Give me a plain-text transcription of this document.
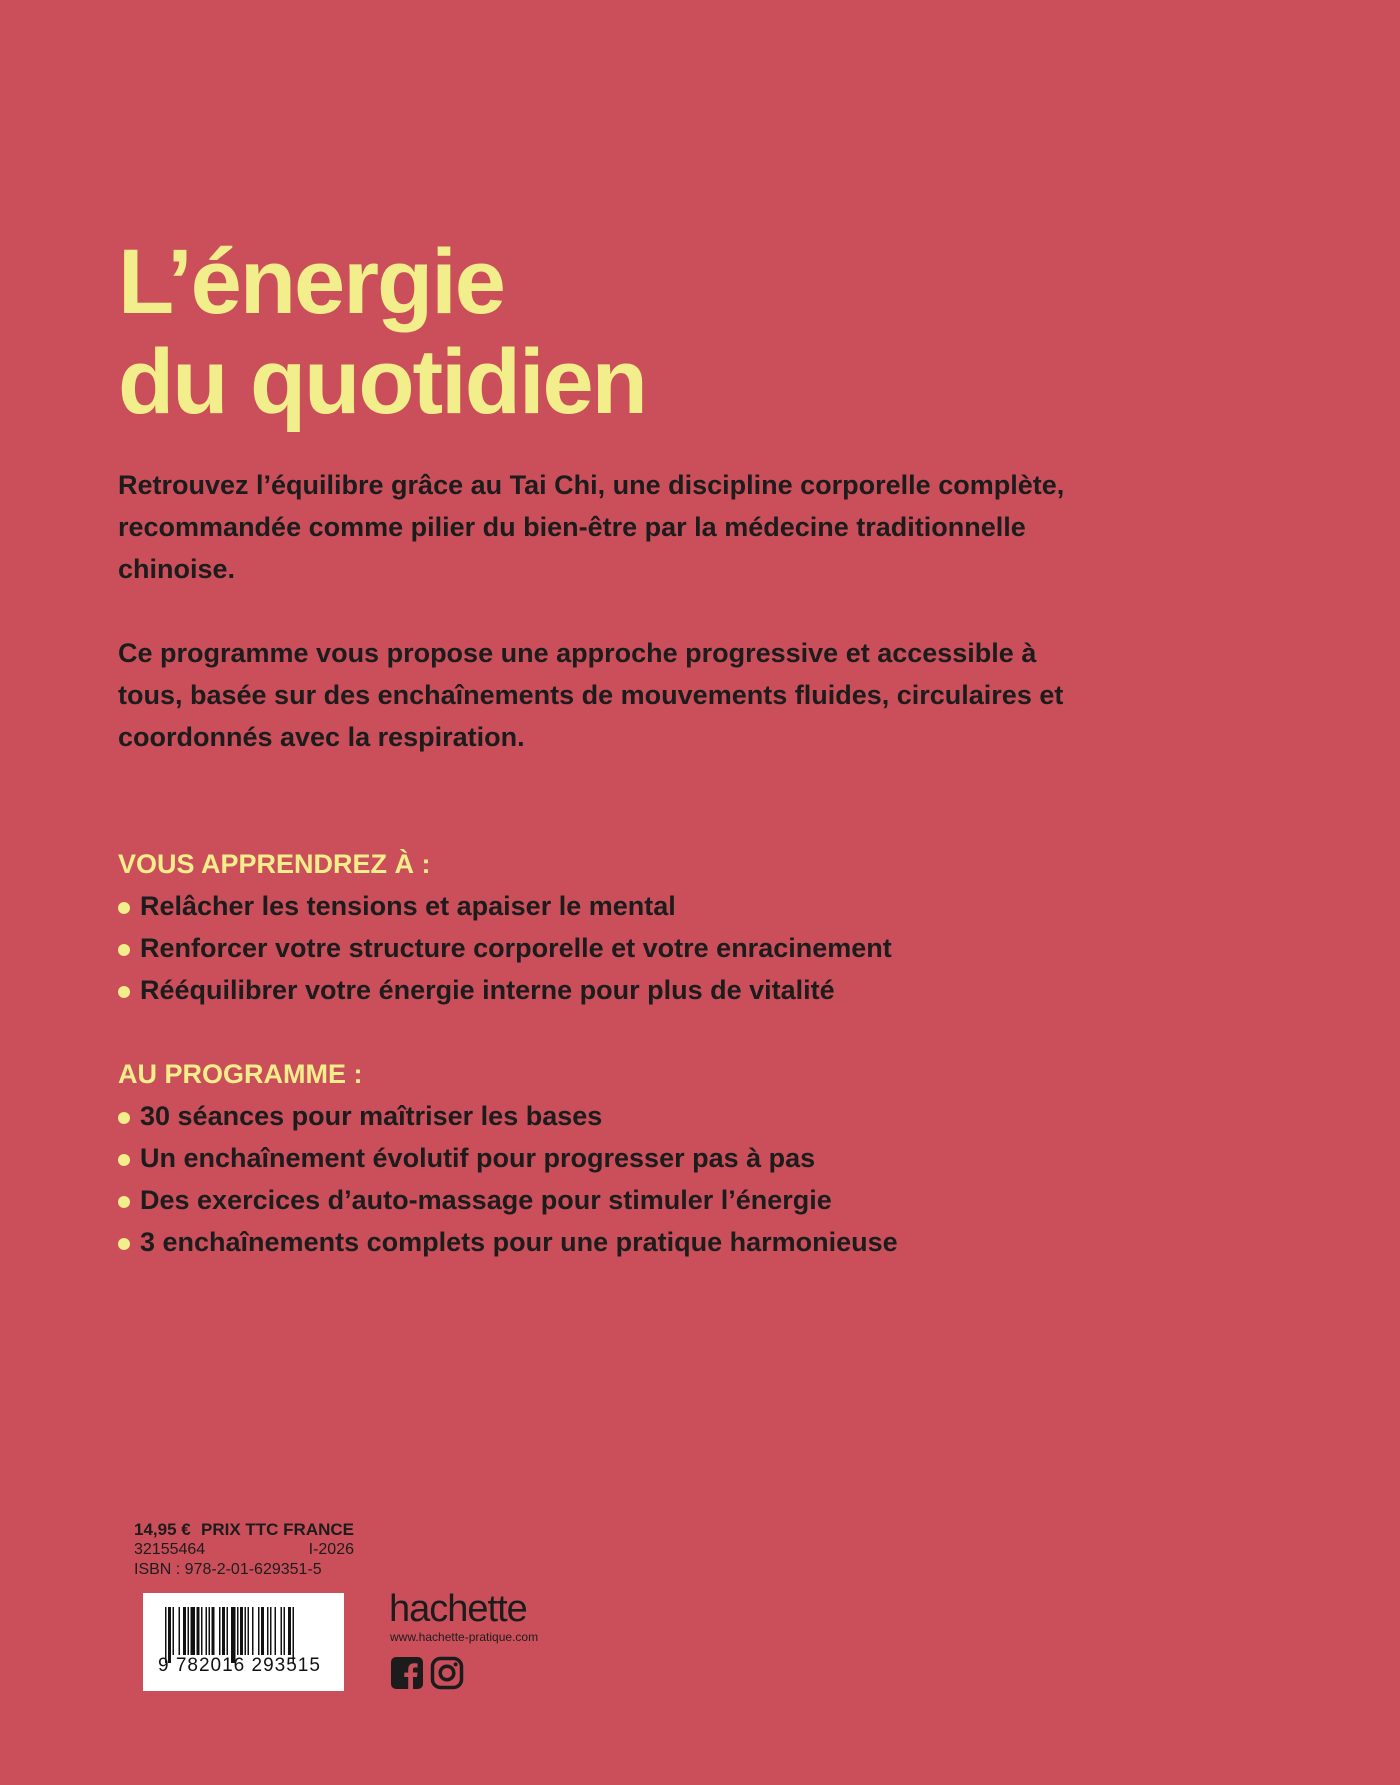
L’énergie
du quotidien

Retrouvez l’équilibre grâce au Tai Chi, une discipline corporelle complète, recommandée comme pilier du bien-être par la médecine traditionnelle chinoise.

Ce programme vous propose une approche progressive et accessible à tous, basée sur des enchaînements de mouvements fluides, circulaires et coordonnés avec la respiration.

VOUS APPRENDREZ À :
Relâcher les tensions et apaiser le mental
Renforcer votre structure corporelle et votre enracinement
Rééquilibrer votre énergie interne pour plus de vitalité
AU PROGRAMME :
30 séances pour maîtriser les bases
Un enchaînement évolutif pour progresser pas à pas
Des exercices d’auto-massage pour stimuler l’énergie
3 enchaînements complets pour une pratique harmonieuse
14,95 € PRIX TTC FRANCE
32155464	I-2026
ISBN : 978-2-01-629351-5
9 782016 293515
hachette
www.hachette-pratique.com
